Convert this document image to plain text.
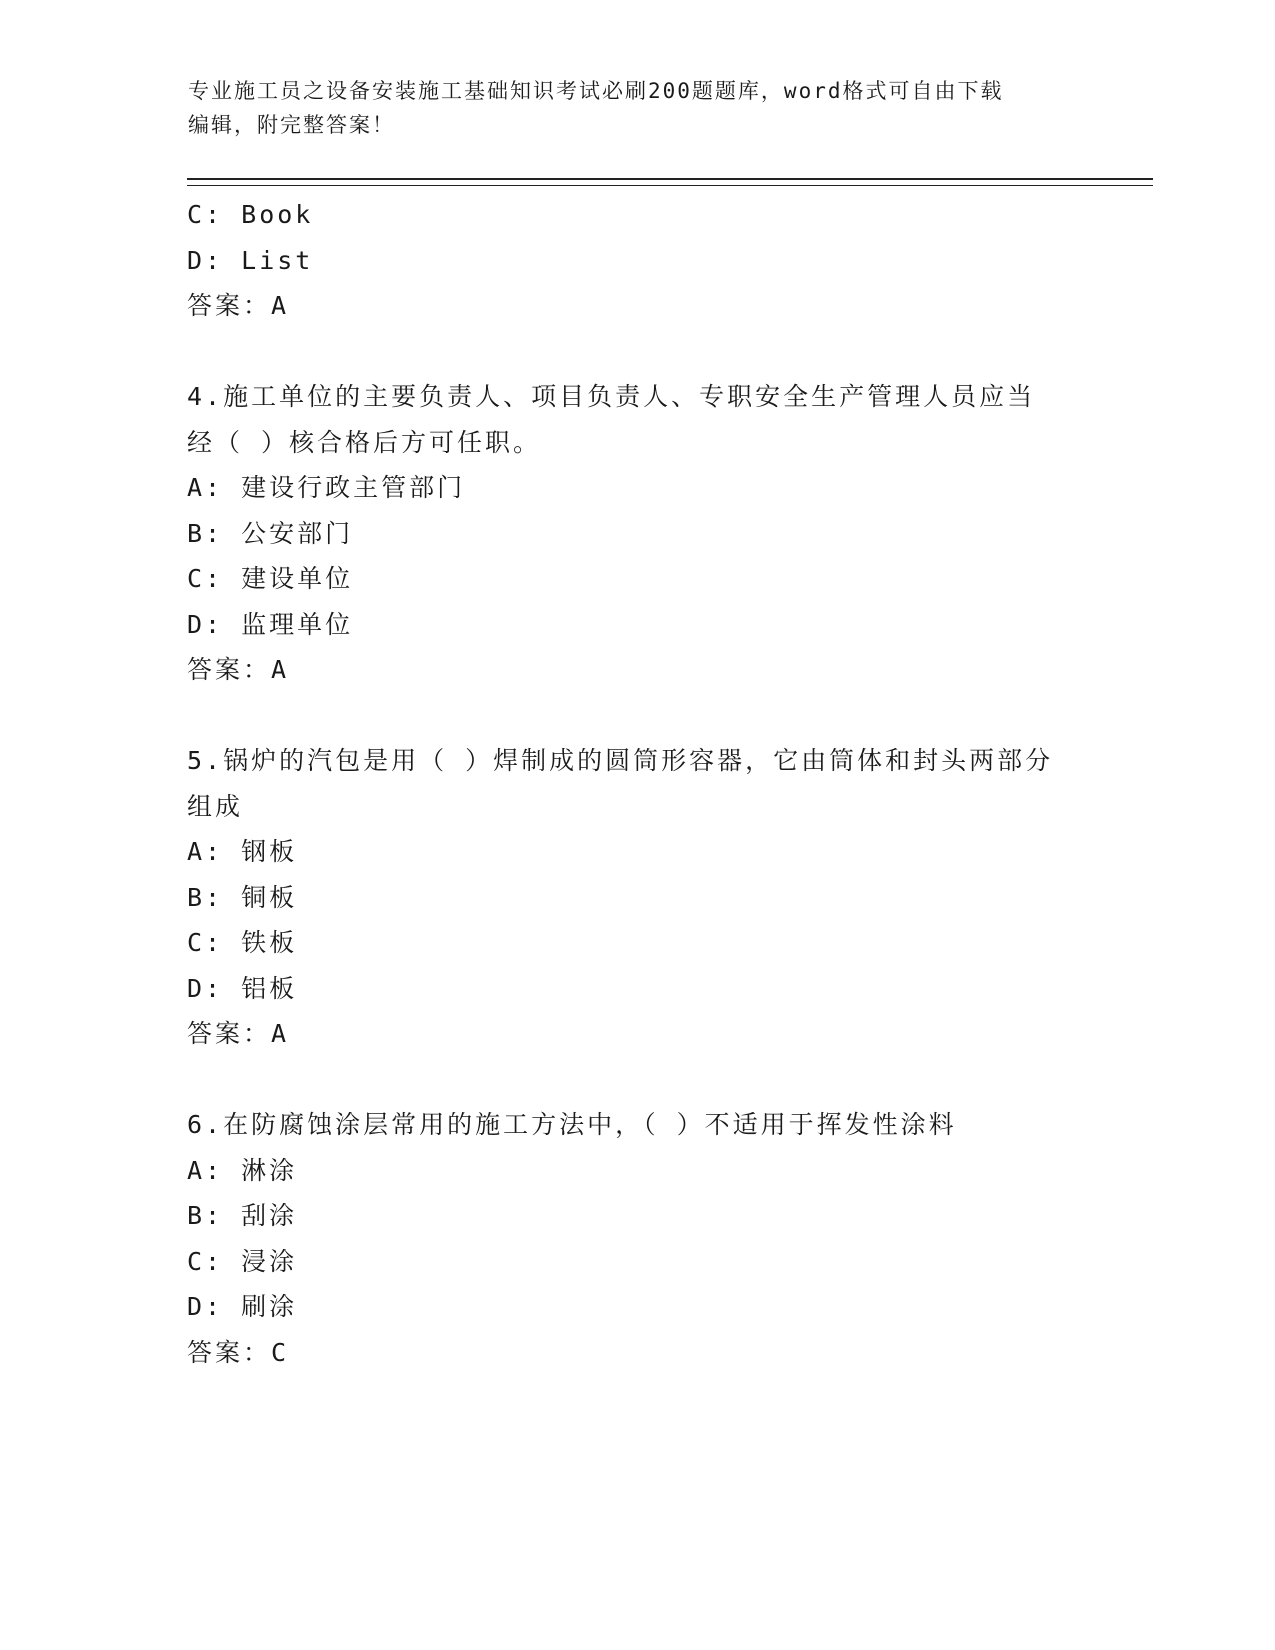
专业施工员之设备安装施工基础知识考试必刷200题题库，word格式可自由下载
编辑，附完整答案！
C: Book
D: List
答案：A
4.施工单位的主要负责人、项目负责人、专职安全生产管理人员应当
经（ ）核合格后方可任职。
A: 建设行政主管部门
B: 公安部门
C: 建设单位
D: 监理单位
答案：A
5.锅炉的汽包是用（ ）焊制成的圆筒形容器，它由筒体和封头两部分
组成
A: 钢板
B: 铜板
C: 铁板
D: 铝板
答案：A
6.在防腐蚀涂层常用的施工方法中，（ ）不适用于挥发性涂料
A: 淋涂
B: 刮涂
C: 浸涂
D: 刷涂
答案：C
